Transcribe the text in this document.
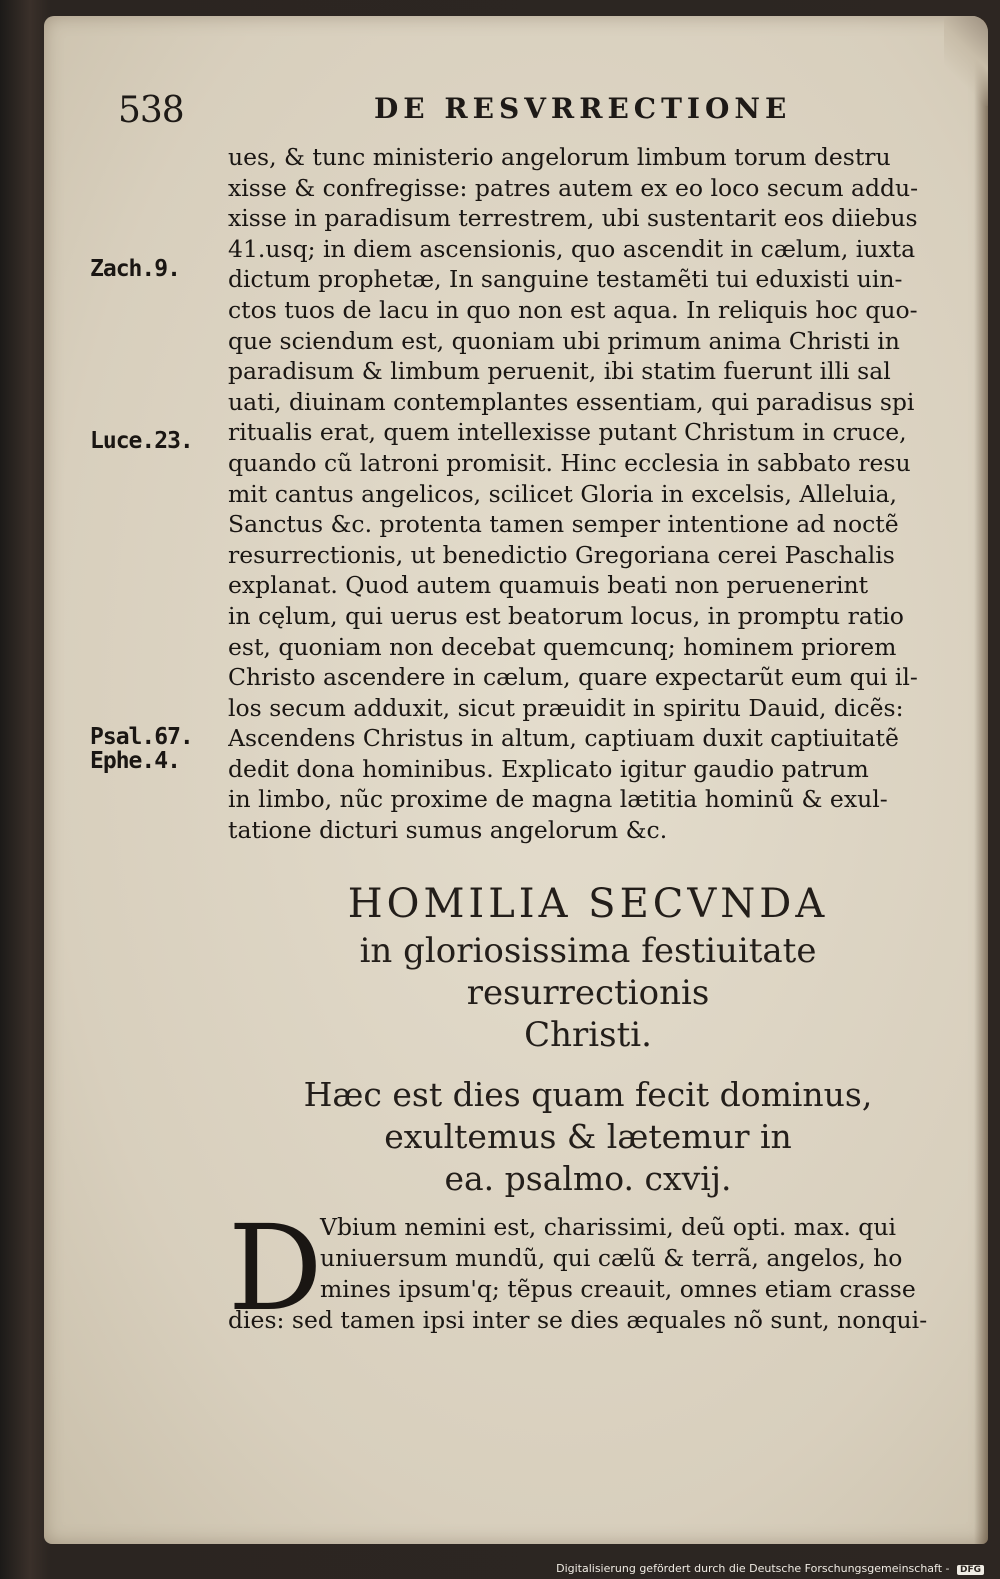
538	DE RESVRRECTIONE
Zach.9.
Luce.23.
Psal.67.
Ephe.4.
ues, & tunc ministerio angelorum limbum torum destru
xisse & confregisse: patres autem ex eo loco secum addu-
xisse in paradisum terrestrem, ubi sustentarit eos diiebus
41.usq; in diem ascensionis, quo ascendit in cælum, iuxta
dictum prophetæ, In sanguine testamẽti tui eduxisti uin-
ctos tuos de lacu in quo non est aqua. In reliquis hoc quo-
que sciendum est, quoniam ubi primum anima Christi in
paradisum & limbum peruenit, ibi statim fuerunt illi sal
uati, diuinam contemplantes essentiam, qui paradisus spi
ritualis erat, quem intellexisse putant Christum in cruce,
quando cũ latroni promisit. Hinc ecclesia in sabbato resu
mit cantus angelicos, scilicet Gloria in excelsis, Alleluia,
Sanctus &c. protenta tamen semper intentione ad noctẽ
resurrectionis, ut benedictio Gregoriana cerei Paschalis
explanat. Quod autem quamuis beati non peruenerint
in cęlum, qui uerus est beatorum locus, in promptu ratio
est, quoniam non decebat quemcunq; hominem priorem
Christo ascendere in cælum, quare expectarũt eum qui il-
los secum adduxit, sicut præuidit in spiritu Dauid, dicẽs:
Ascendens Christus in altum, captiuam duxit captiuitatẽ
dedit dona hominibus. Explicato igitur gaudio patrum
in limbo, nũc proxime de magna lætitia hominũ & exul-
tatione dicturi sumus angelorum &c.
HOMILIA SECVNDA
in gloriosissima festiuitate
resurrectionis
Christi.
Hæc est dies quam fecit dominus,
exultemus & lætemur in
ea. psalmo. cxvij.
D
Vbium nemini est, charissimi, deũ opti. max. qui
uniuersum mundũ, qui cælũ & terrã, angelos, ho
mines ipsum'q; tẽpus creauit, omnes etiam crasse
dies: sed tamen ipsi inter se dies æquales nõ sunt, nonqui-
Digitalisierung gefördert durch die Deutsche Forschungsgemeinschaft - DFG
